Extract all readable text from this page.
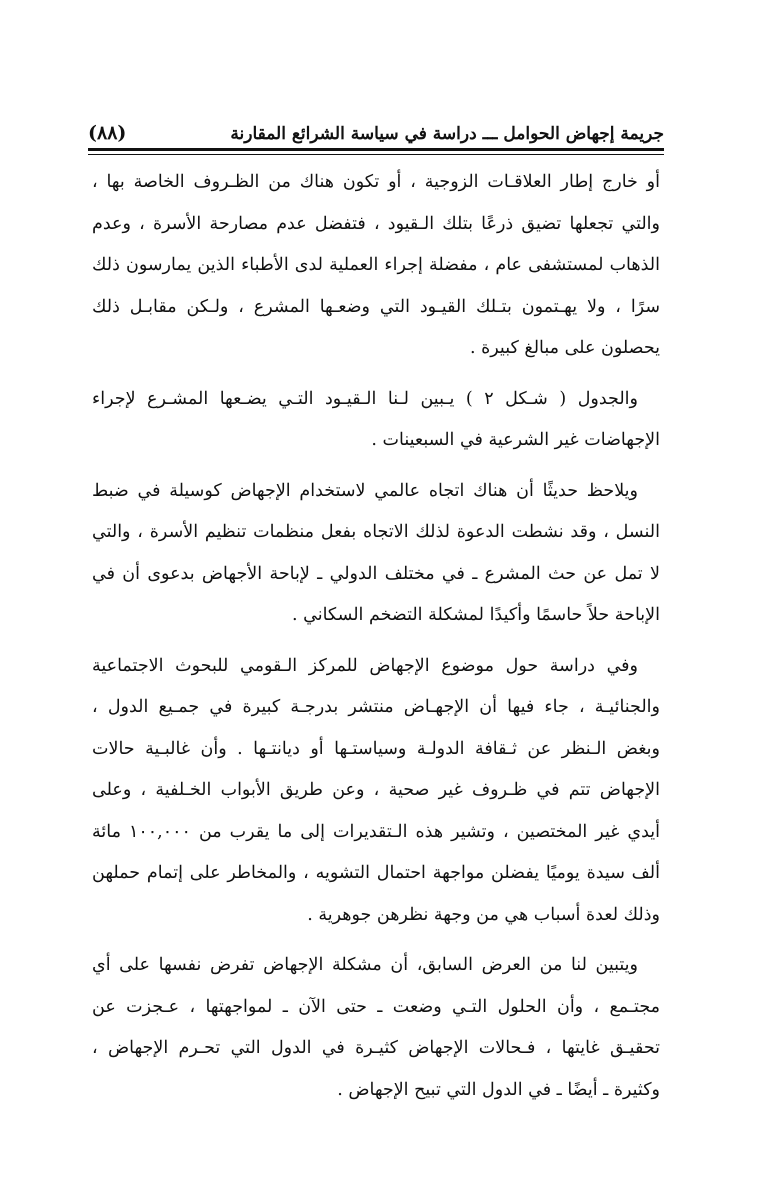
جريمة إجهاض الحوامل ـــ دراسة في سياسة الشرائع المقارنة
(٨٨)
أو خارج إطار العلاقـات الزوجية ، أو تكون هناك من الظـروف الخاصة بها ،
والتي تجعلها تضيق ذرعًا بتلك الـقيود ، فتفضل عدم مصارحة الأسرة ، وعدم
الذهاب لمستشفى عام ، مفضلة إجراء العملية لدى الأطباء الذين يمارسون ذلك
سرًا ، ولا يهـتمون بتـلك القيـود التي وضعـها المشرع ، ولـكن مقابـل ذلك
يحصلون على مبالغ كبيرة .
والجدول ( شـكل ٢ ) يـبين لـنا الـقيـود التـي يضـعها المشـرع لإجراء
الإجهاضات غير الشرعية في السبعينات .
ويلاحظ حديثًا أن هناك اتجاه عالمي لاستخدام الإجهاض كوسيلة في ضبط
النسل ، وقد نشطت الدعوة لذلك الاتجاه بفعل منظمات تنظيم الأسرة ، والتي
لا تمل عن حث المشرع ـ في مختلف الدولي ـ لإباحة الأجهاض بدعوى أن في
الإباحة حلاً حاسمًا وأكيدًا لمشكلة التضخم السكاني .
وفي دراسة حول موضوع الإجهاض للمركز الـقومي للبحوث الاجتماعية
والجنائيـة ، جاء فيها أن الإجهـاض منتشر بدرجـة كبيرة في جمـيع الدول ،
وبغض الـنظر عن ثـقافة الدولـة وسياستـها أو ديانتـها . وأن غالبـية حالات
الإجهاض تتم في ظـروف غير صحية ، وعن طريق الأبواب الخـلفية ، وعلى
أيدي غير المختصين ، وتشير هذه الـتقديرات إلى ما يقرب من ١٠٠,٠٠٠ مائة
ألف سيدة يوميًا يفضلن مواجهة احتمال التشويه ، والمخاطر على إتمام حملهن
وذلك لعدة أسباب هي من وجهة نظرهن جوهرية .
ويتبين لنا من العرض السابق، أن مشكلة الإجهاض تفرض نفسها على أي
مجتـمع ، وأن الحلول التـي وضعت ـ حتى الآن ـ لمواجهتها ، عـجزت عن
تحقيـق غايتها ، فـحالات الإجهاض كثيـرة في الدول التي تحـرم الإجهاض ،
وكثيرة ـ أيضًا ـ في الدول التي تبيح الإجهاض .
